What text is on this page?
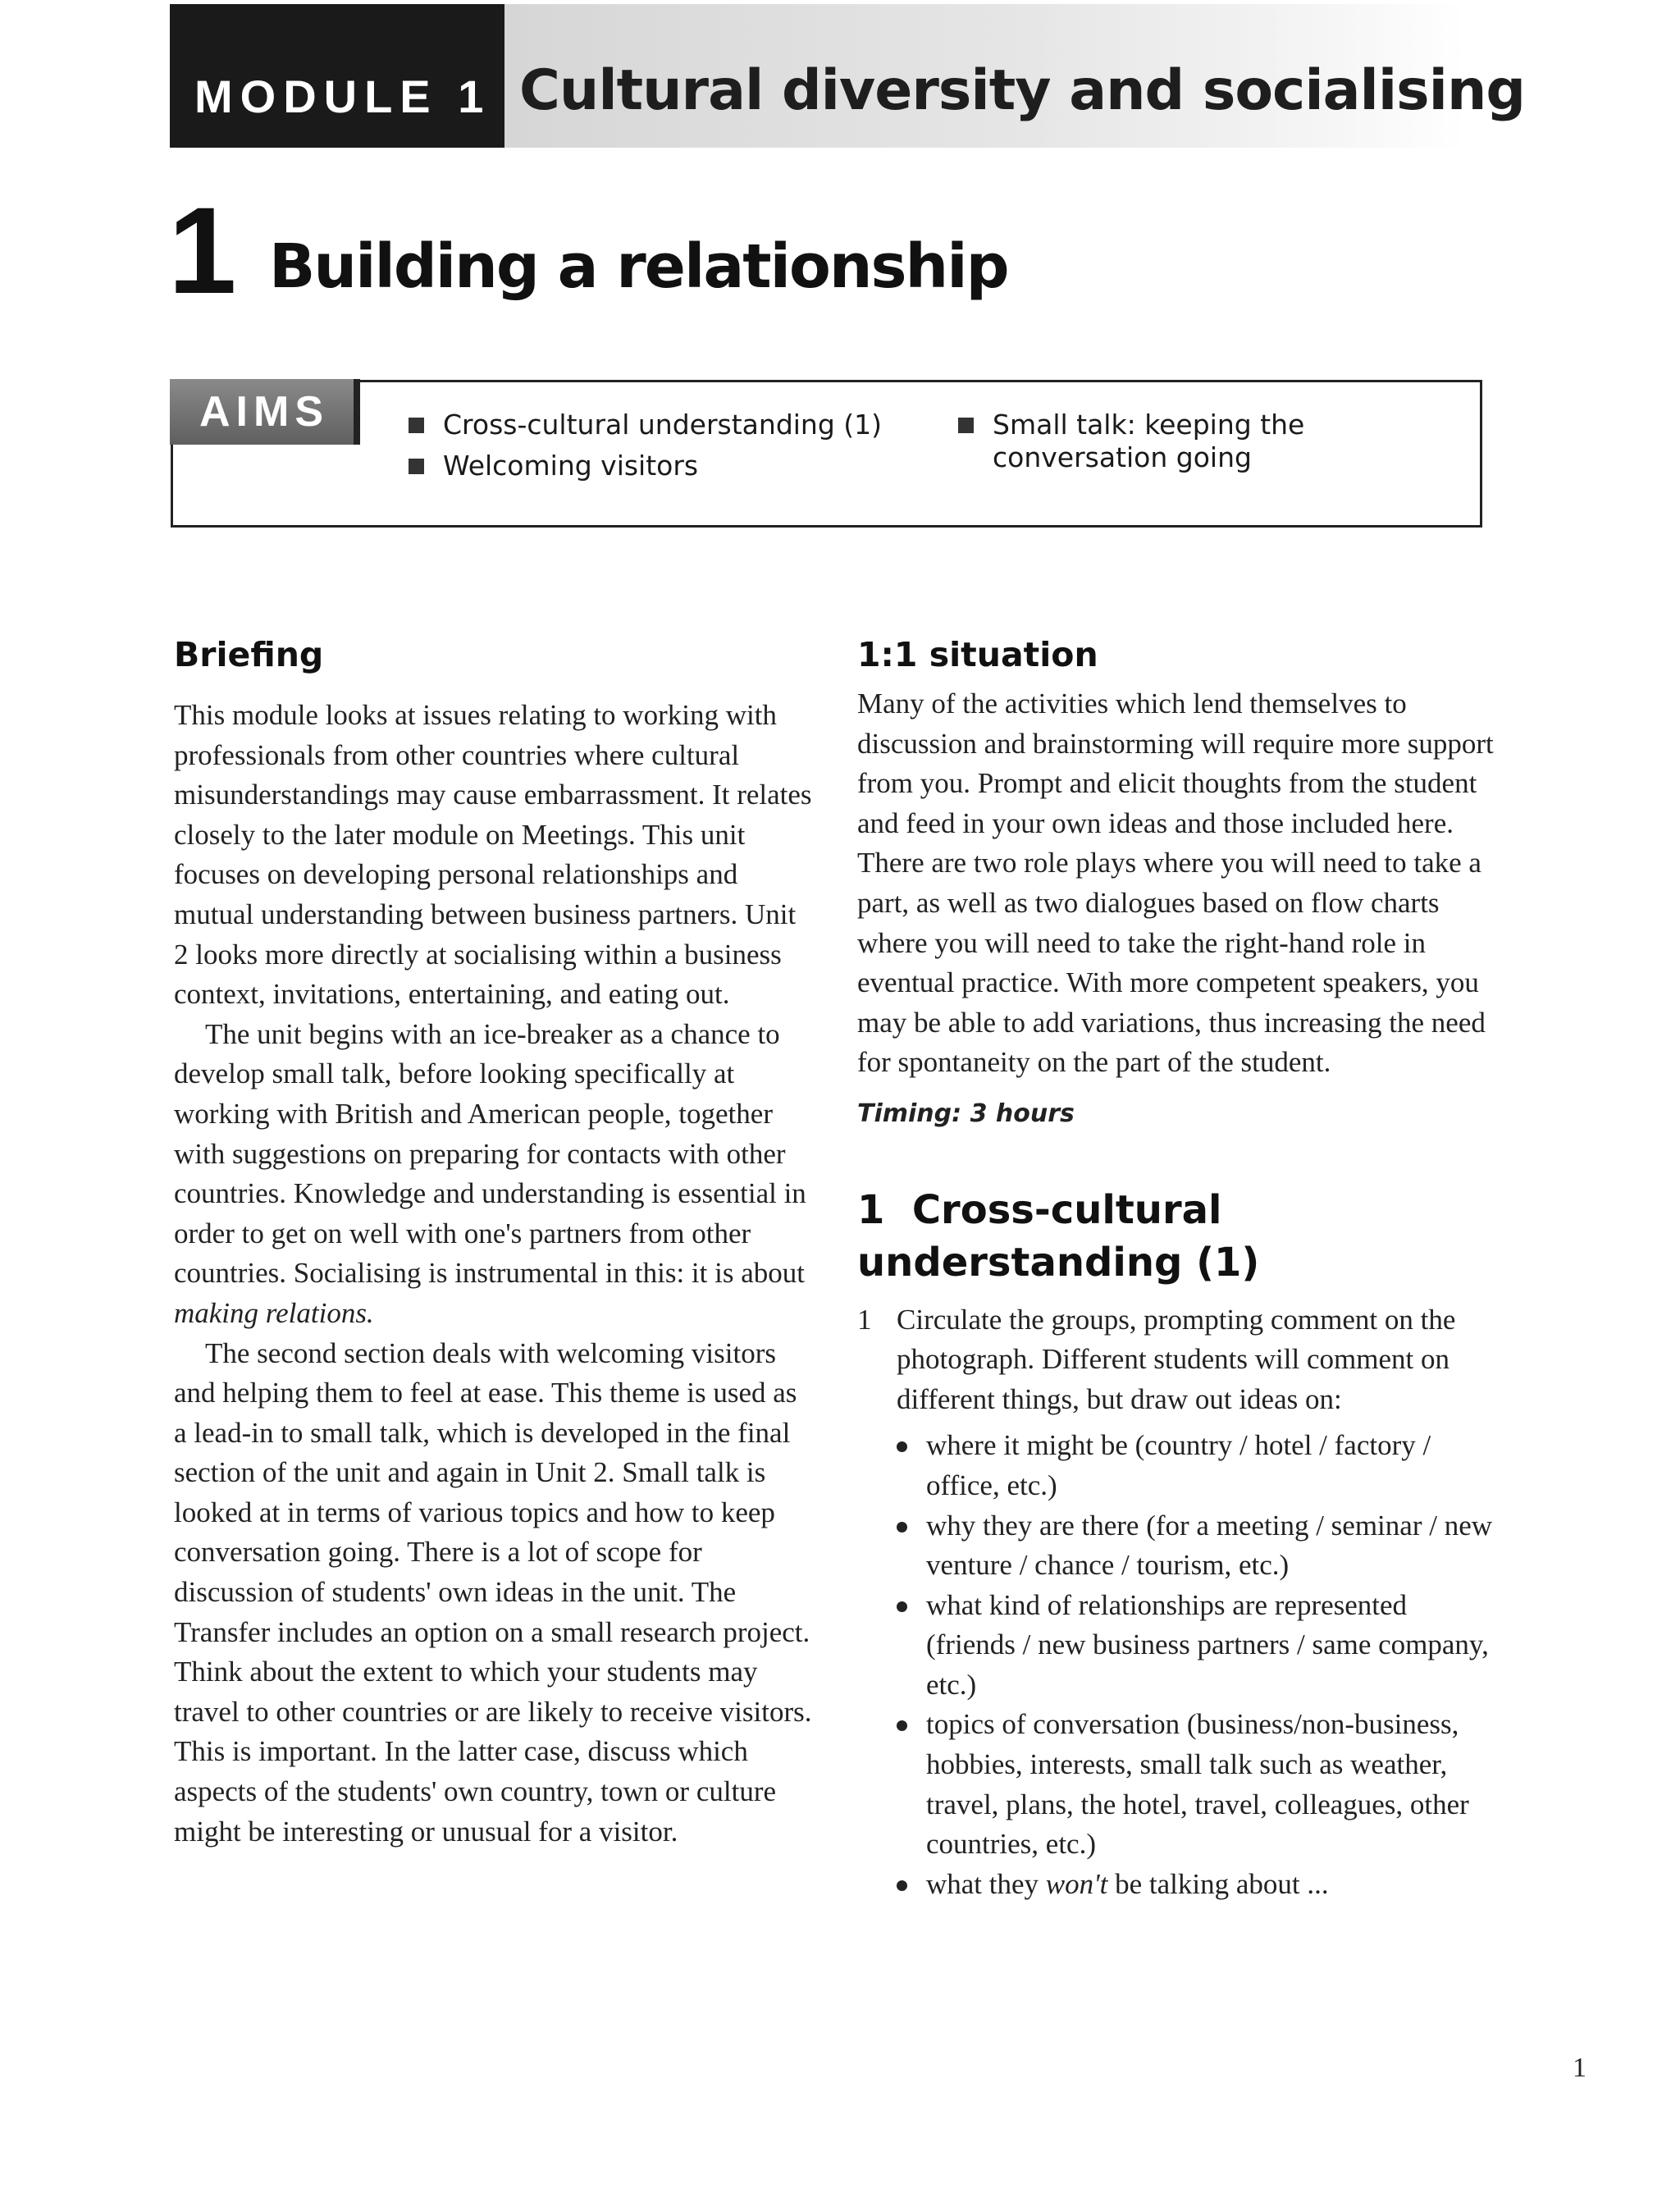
MODULE 1 Cultural diversity and socialising
1 Building a relationship
AIMS	Cross-cultural understanding (1)
Welcoming visitors
Small talk: keeping the conversation going
Briefing

This module looks at issues relating to working with professionals from other countries where cultural misunderstandings may cause embarrassment. It relates closely to the later module on Meetings. This unit focuses on developing personal relationships and mutual understanding between business partners. Unit 2 looks more directly at socialising within a business context, invitations, entertaining, and eating out.

The unit begins with an ice-breaker as a chance to develop small talk, before looking specifically at working with British and American people, together with suggestions on preparing for contacts with other countries. Knowledge and understanding is essential in order to get on well with one's partners from other countries. Socialising is instrumental in this: it is about making relations.

The second section deals with welcoming visitors and helping them to feel at ease. This theme is used as a lead-in to small talk, which is developed in the final section of the unit and again in Unit 2. Small talk is looked at in terms of various topics and how to keep conversation going. There is a lot of scope for discussion of students' own ideas in the unit. The Transfer includes an option on a small research project. Think about the extent to which your students may travel to other countries or are likely to receive visitors. This is important. In the latter case, discuss which aspects of the students' own country, town or culture might be interesting or unusual for a visitor.

1:1 situation

Many of the activities which lend themselves to discussion and brainstorming will require more support from you. Prompt and elicit thoughts from the student and feed in your own ideas and those included here. There are two role plays where you will need to take a part, as well as two dialogues based on flow charts where you will need to take the right-hand role in eventual practice. With more competent speakers, you may be able to add variations, thus increasing the need for spontaneity on the part of the student.

Timing: 3 hours

1 Cross-cultural understanding (1)
1 Circulate the groups, prompting comment on the photograph. Different students will comment on different things, but draw out ideas on:
where it might be (country / hotel / factory / office, etc.)
why they are there (for a meeting / seminar / new venture / chance / tourism, etc.)
what kind of relationships are represented (friends / new business partners / same company, etc.)
topics of conversation (business/non-business, hobbies, interests, small talk such as weather, travel, plans, the hotel, travel, colleagues, other countries, etc.)
what they won't be talking about ...
1
